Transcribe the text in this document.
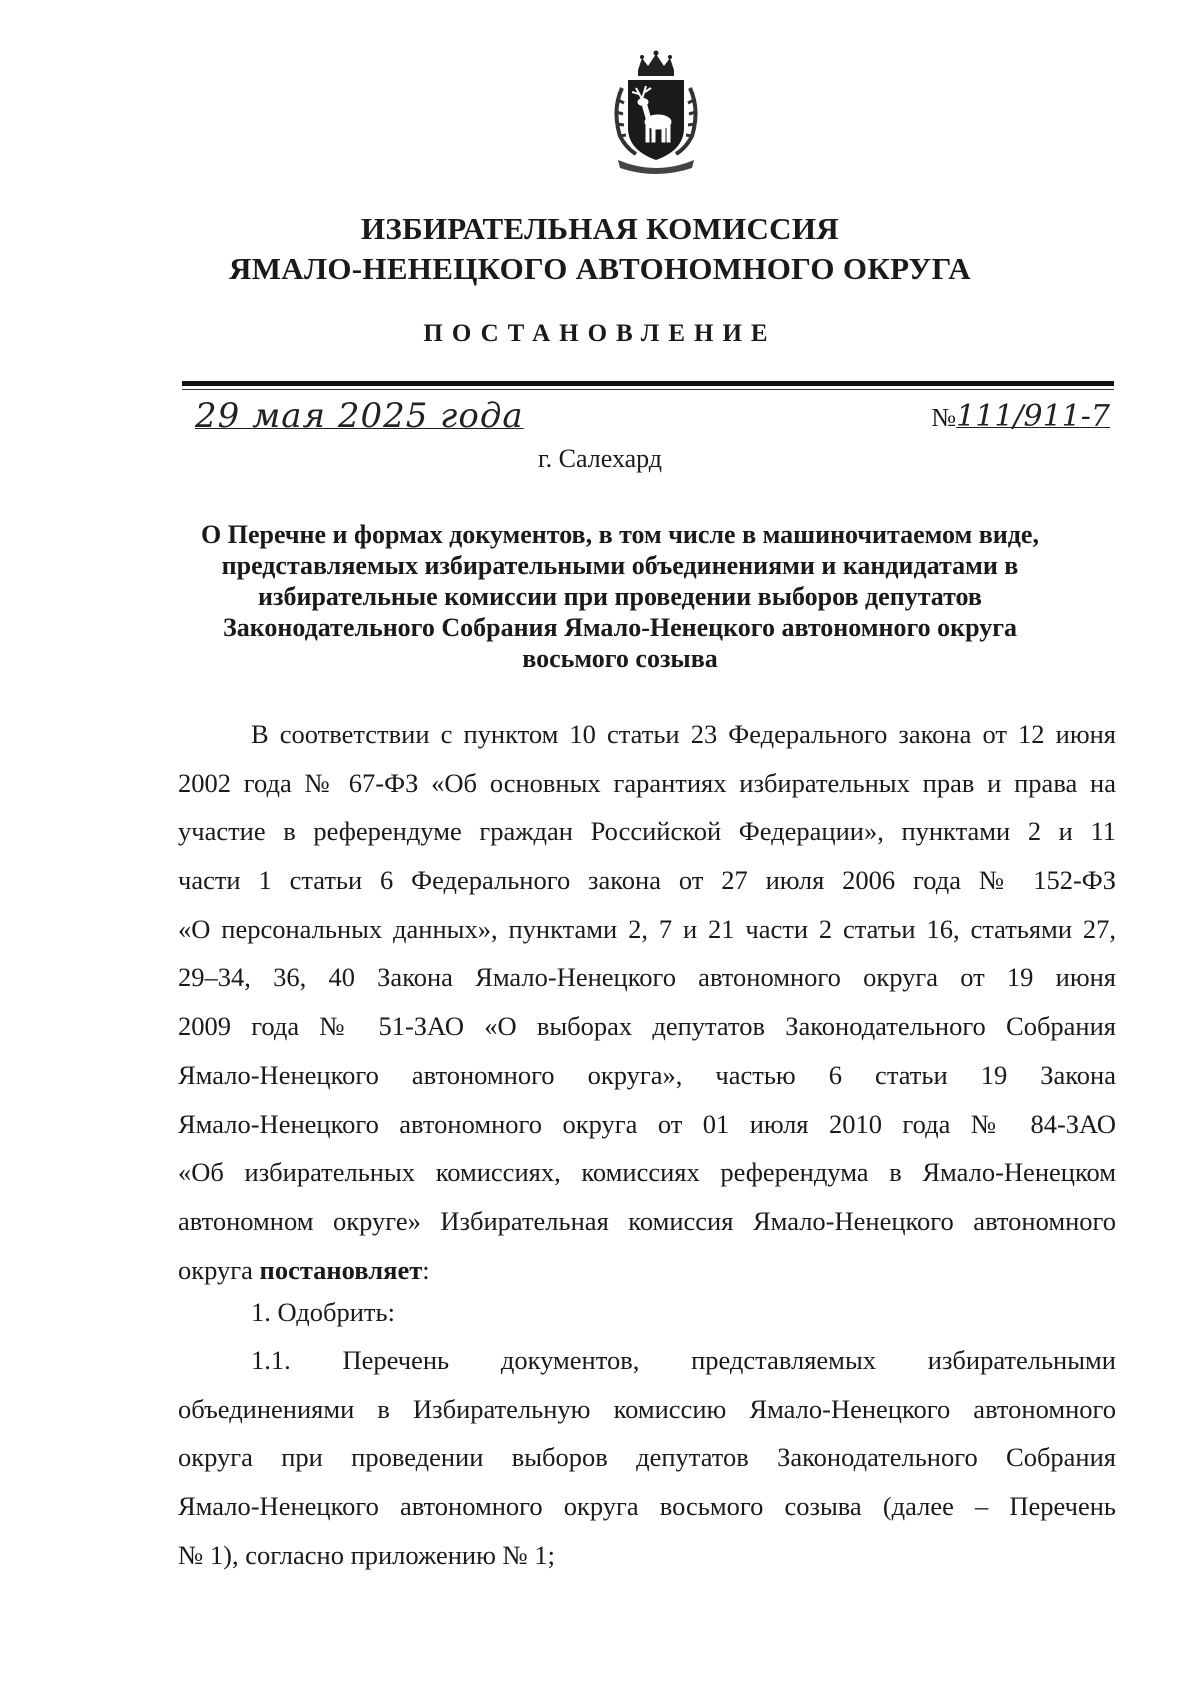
ИЗБИРАТЕЛЬНАЯ КОМИССИЯ
ЯМАЛО-НЕНЕЦКОГО АВТОНОМНОГО ОКРУГА
ПОСТАНОВЛЕНИЕ
29 мая 2025 года	№111/911-7
г. Салехард
О Перечне и формах документов, в том числе в машиночитаемом виде,
представляемых избирательными объединениями и кандидатами в
избирательные комиссии при проведении выборов депутатов
Законодательного Собрания Ямало-Ненецкого автономного округа
восьмого созыва
В соответствии с пунктом 10 статьи 23 Федерального закона от 12 июня
2002 года № 67-ФЗ «Об основных гарантиях избирательных прав и права на
участие в референдуме граждан Российской Федерации», пунктами 2 и 11
части 1 статьи 6 Федерального закона от 27 июля 2006 года № 152-ФЗ
«О персональных данных», пунктами 2, 7 и 21 части 2 статьи 16, статьями 27,
29–34, 36, 40 Закона Ямало-Ненецкого автономного округа от 19 июня
2009 года № 51-ЗАО «О выборах депутатов Законодательного Собрания
Ямало-Ненецкого автономного округа», частью 6 статьи 19 Закона
Ямало-Ненецкого автономного округа от 01 июля 2010 года № 84-ЗАО
«Об избирательных комиссиях, комиссиях референдума в Ямало-Ненецком
автономном округе» Избирательная комиссия Ямало-Ненецкого автономного
округа постановляет:
1. Одобрить:
1.1. Перечень документов, представляемых избирательными
объединениями в Избирательную комиссию Ямало-Ненецкого автономного
округа при проведении выборов депутатов Законодательного Собрания
Ямало-Ненецкого автономного округа восьмого созыва (далее – Перечень
№ 1), согласно приложению № 1;
